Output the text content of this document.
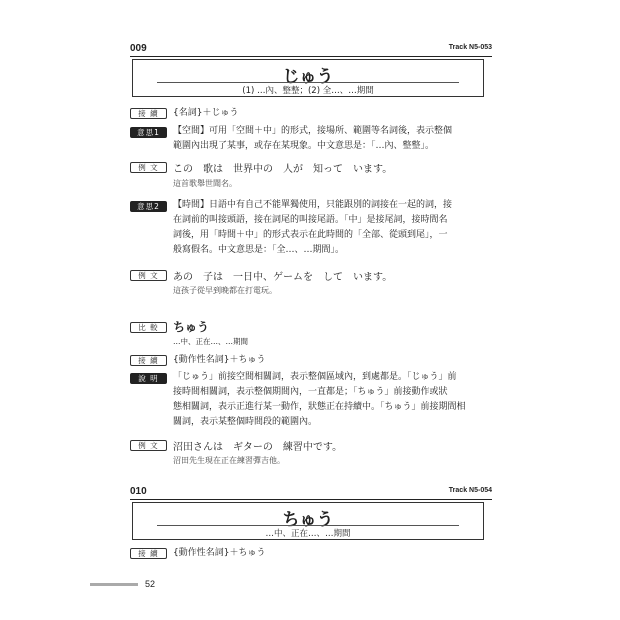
009	Track N5-053
じゅう
(1) …內、整整；(2) 全…、…期間
接 續	{名詞}＋じゅう
意思1	【空間】可用「空間＋中」的形式，接場所、範圍等名詞後，表示整個
範圍內出現了某事，或存在某現象。中文意思是：「…內、整整」。
例 文	この　歌は　世界中の　人が　知って　います。
這首歌舉世聞名。
意思2	【時間】日語中有自己不能單獨使用，只能跟別的詞接在一起的詞，接
在詞前的叫接頭語，接在詞尾的叫接尾語。「中」是接尾詞，接時間名
詞後，用「時間＋中」的形式表示在此時間的「全部、從頭到尾」，一
般寫假名。中文意思是：「全…、…期間」。
例 文	あの　子は　一日中、ゲームを　して　います。
這孩子從早到晚都在打電玩。
比 較	ちゅう
…中、正在…、…期間
接 續	{動作性名詞}＋ちゅう
說 明	「じゅう」前接空間相關詞，表示整個區域內，到處都是。「じゅう」前
接時間相關詞，表示整個期間內，一直都是；「ちゅう」前接動作或狀
態相關詞，表示正進行某一動作，狀態正在持續中。「ちゅう」前接期間相
關詞，表示某整個時間段的範圍內。
例 文	沼田さんは　ギターの　練習中です。
沼田先生現在正在練習彈吉他。
010	Track N5-054
ちゅう
…中、正在…、…期間
接 續	{動作性名詞}＋ちゅう
52
